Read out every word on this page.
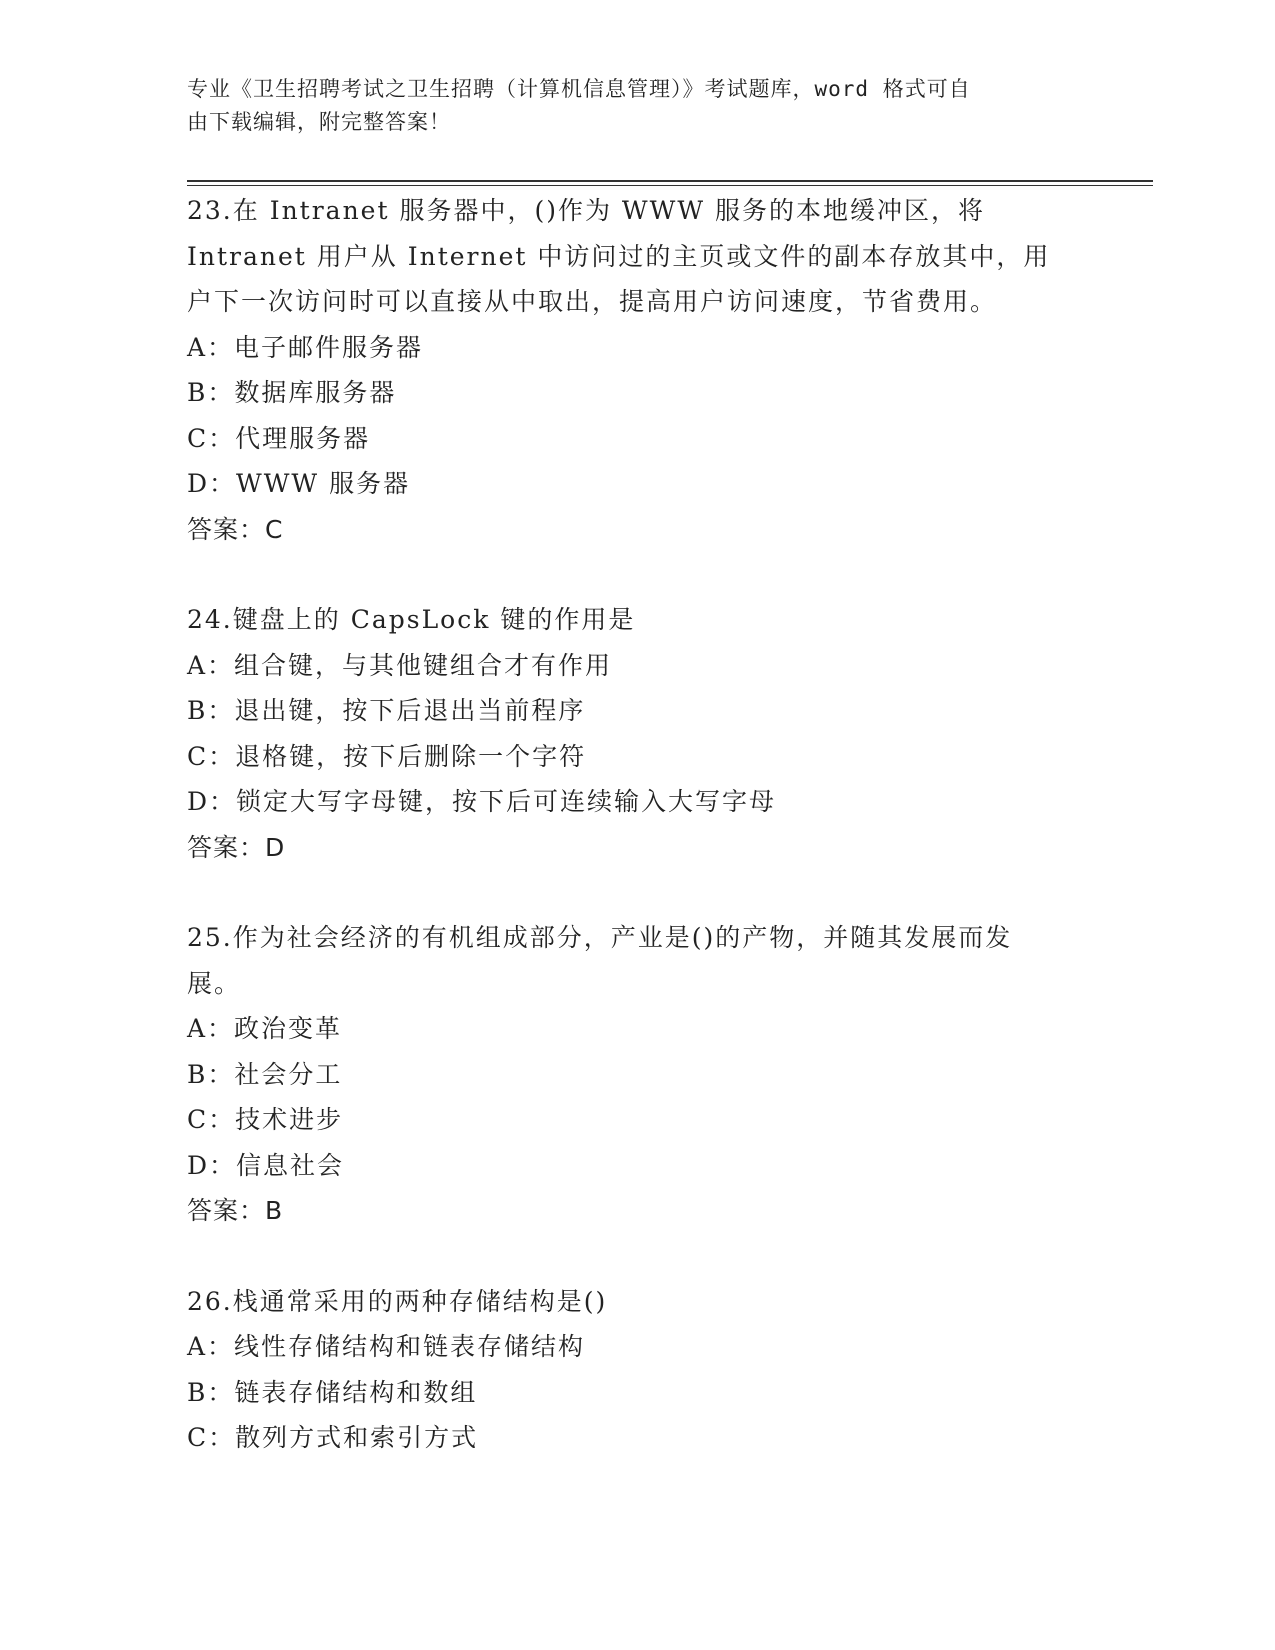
专业《卫生招聘考试之卫生招聘（计算机信息管理）》考试题库，word 格式可自
由下载编辑，附完整答案！
23.在 Intranet 服务器中，()作为 WWW 服务的本地缓冲区，将
Intranet 用户从 Internet 中访问过的主页或文件的副本存放其中，用
户下一次访问时可以直接从中取出，提高用户访问速度，节省费用。
A：电子邮件服务器
B：数据库服务器
C：代理服务器
D：WWW 服务器
答案：C
24.键盘上的 CapsLock 键的作用是
A：组合键，与其他键组合才有作用
B：退出键，按下后退出当前程序
C：退格键，按下后删除一个字符
D：锁定大写字母键，按下后可连续输入大写字母
答案：D
25.作为社会经济的有机组成部分，产业是()的产物，并随其发展而发
展。
A：政治变革
B：社会分工
C：技术进步
D：信息社会
答案：B
26.栈通常采用的两种存储结构是()
A：线性存储结构和链表存储结构
B：链表存储结构和数组
C：散列方式和索引方式
